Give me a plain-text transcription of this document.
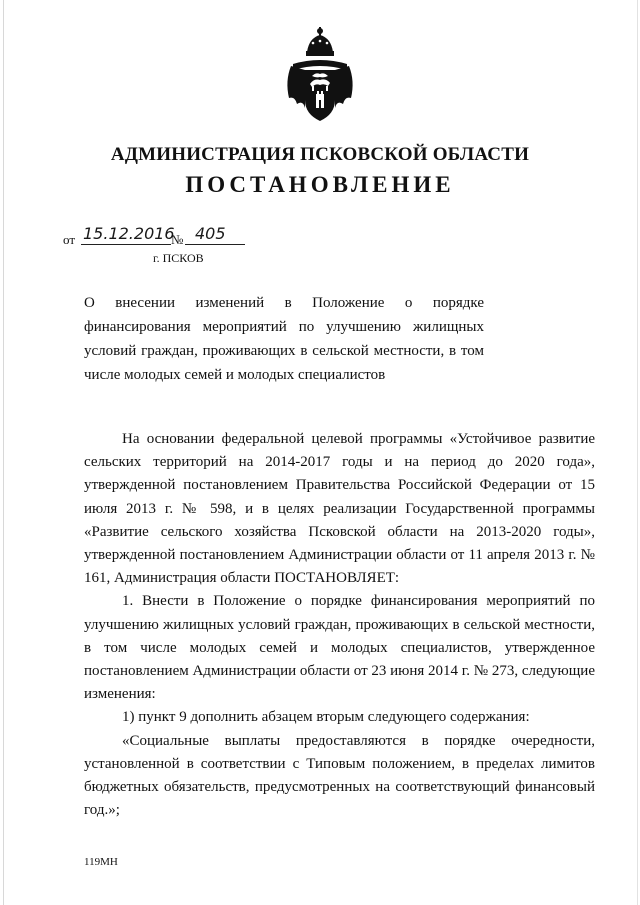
АДМИНИСТРАЦИЯ ПСКОВСКОЙ ОБЛАСТИ
ПОСТАНОВЛЕНИЕ
от 15.12.2016
№ 405
г. ПСКОВ
О внесении изменений в Положение о порядке финансирования мероприятий по улучшению жилищных условий граждан, проживающих в сельской местности, в том числе молодых семей и молодых специалистов

На основании федеральной целевой программы «Устойчивое развитие сельских территорий на 2014-2017 годы и на период до 2020 года», утвержденной постановлением Правительства Российской Федерации от 15 июля 2013 г. № 598, и в целях реализации Государственной программы «Развитие сельского хозяйства Псковской области на 2013-2020 годы», утвержденной постановлением Администрации области от 11 апреля 2013 г. № 161, Администрация области ПОСТАНОВЛЯЕТ:

1. Внести в Положение о порядке финансирования мероприятий по улучшению жилищных условий граждан, проживающих в сельской местности, в том числе молодых семей и молодых специалистов, утвержденное постановлением Администрации области от 23 июня 2014 г. № 273, следующие изменения:

1) пункт 9 дополнить абзацем вторым следующего содержания:

«Социальные выплаты предоставляются в порядке очередности, установленной в соответствии с Типовым положением, в пределах лимитов бюджетных обязательств, предусмотренных на соответствующий финансовый год.»;

119МН
